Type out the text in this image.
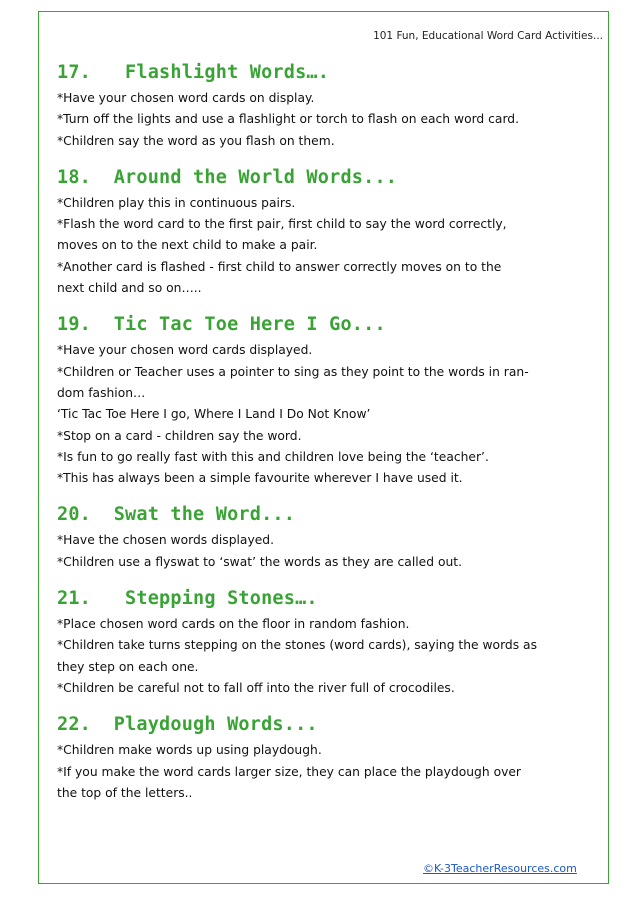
101 Fun, Educational Word Card Activities...
17.   Flashlight Words….

*Have your chosen word cards on display.

*Turn off the lights and use a flashlight or torch to flash on each word card.

*Children say the word as you flash on them.

18.  Around the World Words...

*Children play this in continuous pairs.

*Flash the word card to the first pair, first child to say the word correctly,

moves on to the next child to make a pair.

*Another card is flashed - first child to answer correctly moves on to the

next child and so on…..

19.  Tic Tac Toe Here I Go...

*Have your chosen word cards displayed.

*Children or Teacher uses a pointer to sing as they point to the words in ran-

dom fashion…

‘Tic Tac Toe Here I go, Where I Land I Do Not Know’

*Stop on a card - children say the word.

*Is fun to go really fast with this and children love being the ‘teacher’.

*This has always been a simple favourite wherever I have used it.

20.  Swat the Word...

*Have the chosen words displayed.

*Children use a flyswat to ‘swat’ the words as they are called out.

21.   Stepping Stones….

*Place chosen word cards on the floor in random fashion.

*Children take turns stepping on the stones (word cards), saying the words as

they step on each one.

*Children be careful not to fall off into the river full of crocodiles.

22.  Playdough Words...

*Children make words up using playdough.

*If you make the word cards larger size, they can place the playdough over

the top of the letters..

©K-3TeacherResources.com
